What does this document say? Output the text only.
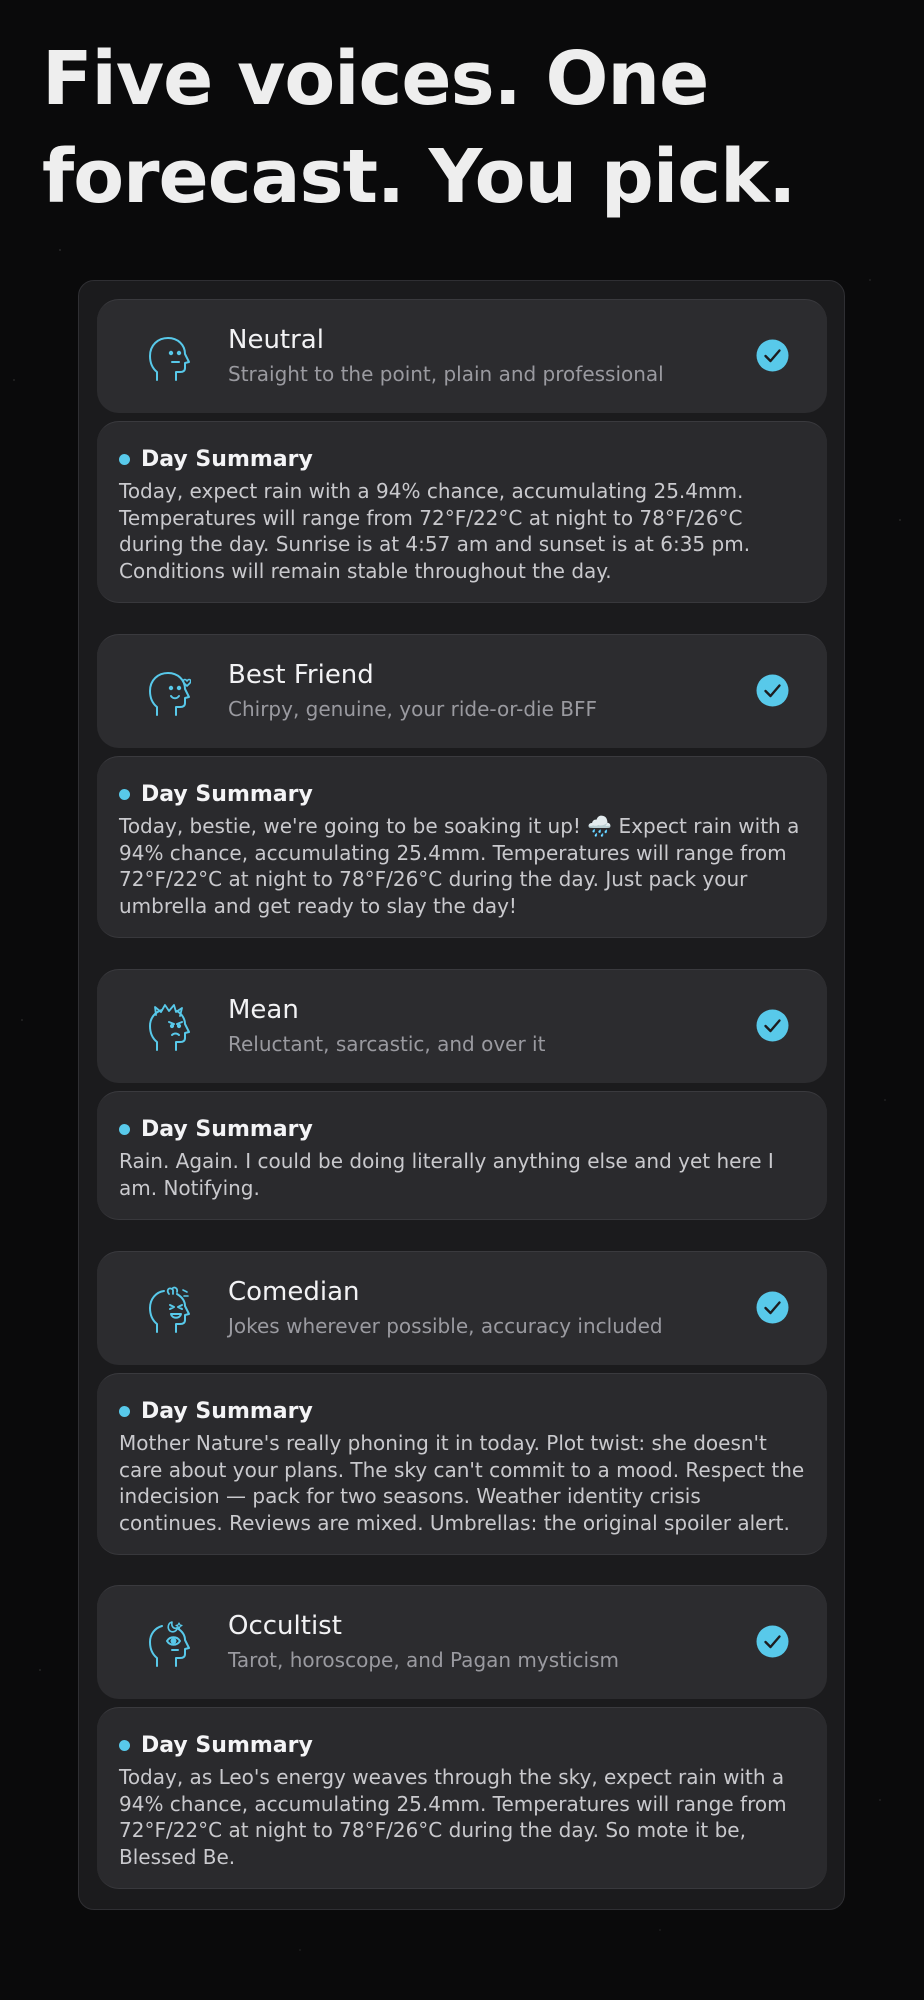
Five voices. One forecast. You pick.
Neutral
Straight to the point, plain and professional
Day Summary
Today, expect rain with a 94% chance, accumulating 25.4mm. Temperatures will range from 72°F/22°C at night to 78°F/26°C during the day. Sunrise is at 4:57 am and sunset is at 6:35 pm. Conditions will remain stable throughout the day.
Best Friend
Chirpy, genuine, your ride-or-die BFF
Day Summary
Today, bestie, we're going to be soaking it up! 🌧️ Expect rain with a 94% chance, accumulating 25.4mm. Temperatures will range from 72°F/22°C at night to 78°F/26°C during the day. Just pack your umbrella and get ready to slay the day!
Mean
Reluctant, sarcastic, and over it
Day Summary
Rain. Again. I could be doing literally anything else and yet here I am. Notifying.
Comedian
Jokes wherever possible, accuracy included
Day Summary
Mother Nature's really phoning it in today. Plot twist: she doesn't care about your plans. The sky can't commit to a mood. Respect the indecision — pack for two seasons. Weather identity crisis continues. Reviews are mixed. Umbrellas: the original spoiler alert.
Occultist
Tarot, horoscope, and Pagan mysticism
Day Summary
Today, as Leo's energy weaves through the sky, expect rain with a 94% chance, accumulating 25.4mm. Temperatures will range from 72°F/22°C at night to 78°F/26°C during the day. So mote it be, Blessed Be.
